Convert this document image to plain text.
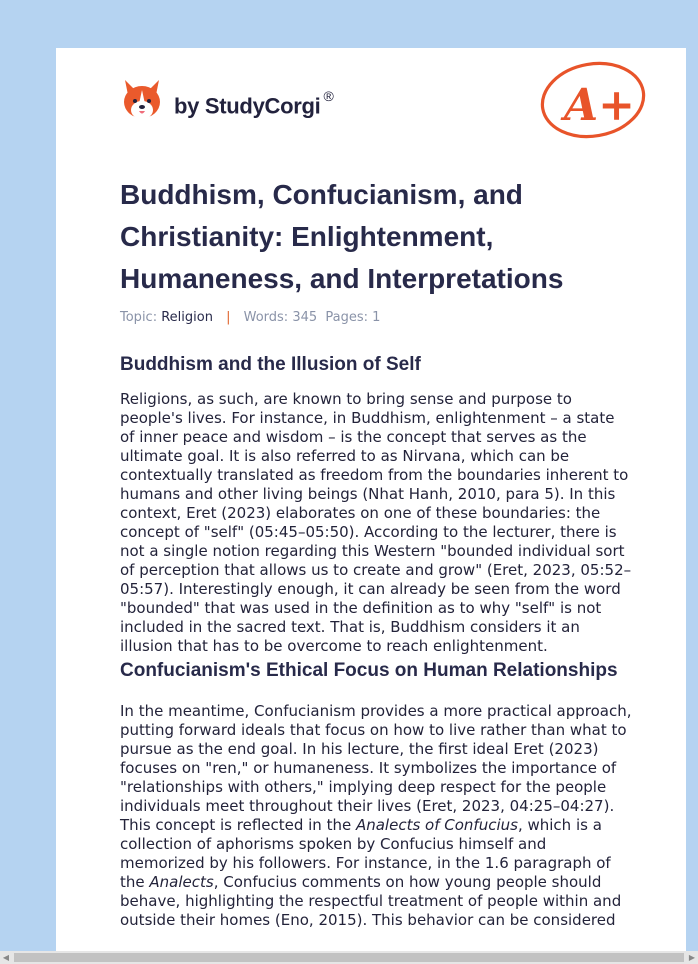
by StudyCorgi ®	A+
Buddhism, Confucianism, and Christianity: Enlightenment, Humaneness, and Interpretations
Topic: Religion | Words: 345 Pages: 1
Buddhism and the Illusion of Self

Religions, as such, are known to bring sense and purpose to people's lives. For instance, in Buddhism, enlightenment – a state of inner peace and wisdom – is the concept that serves as the ultimate goal. It is also referred to as Nirvana, which can be contextually translated as freedom from the boundaries inherent to humans and other living beings (Nhat Hanh, 2010, para 5). In this context, Eret (2023) elaborates on one of these boundaries: the concept of "self" (05:45–05:50). According to the lecturer, there is not a single notion regarding this Western "bounded individual sort of perception that allows us to create and grow" (Eret, 2023, 05:52–05:57). Interestingly enough, it can already be seen from the word "bounded" that was used in the definition as to why "self" is not included in the sacred text. That is, Buddhism considers it an illusion that has to be overcome to reach enlightenment.

Confucianism's Ethical Focus on Human Relationships

In the meantime, Confucianism provides a more practical approach, putting forward ideals that focus on how to live rather than what to pursue as the end goal. In his lecture, the first ideal Eret (2023) focuses on "ren," or humaneness. It symbolizes the importance of "relationships with others," implying deep respect for the people individuals meet throughout their lives (Eret, 2023, 04:25–04:27). This concept is reflected in the Analects of Confucius, which is a collection of aphorisms spoken by Confucius himself and memorized by his followers. For instance, in the 1.6 paragraph of the Analects, Confucius comments on how young people should behave, highlighting the respectful treatment of people within and outside their homes (Eno, 2015). This behavior can be considered

◀	▶
